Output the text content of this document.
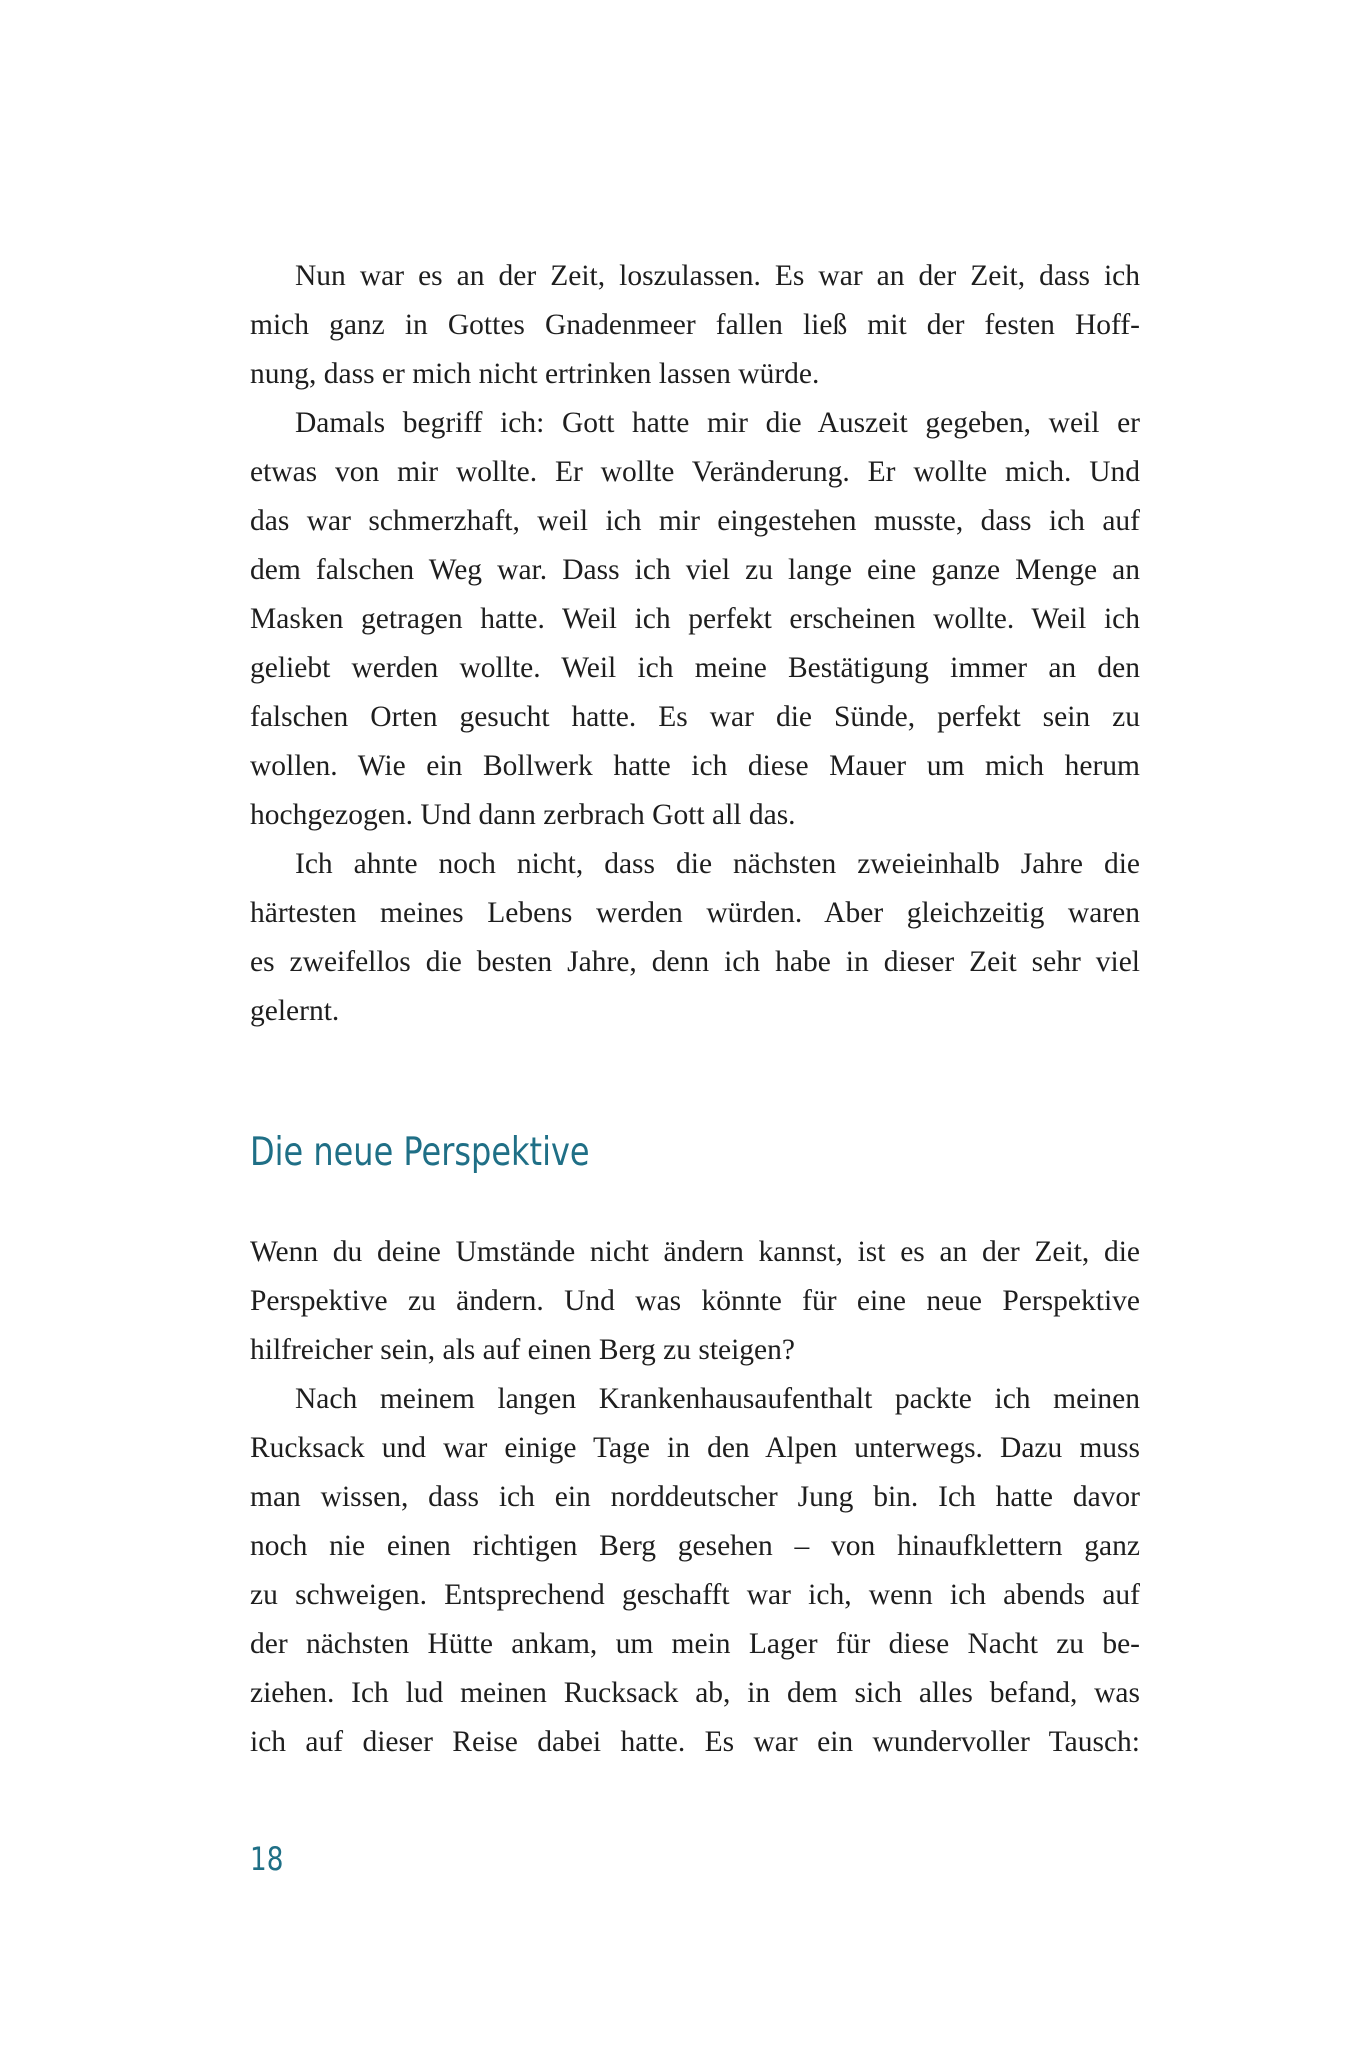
Nun war es an der Zeit, loszulassen. Es war an der Zeit, dass ich
mich ganz in Gottes Gnadenmeer fallen ließ mit der festen Hoff-
nung, dass er mich nicht ertrinken lassen würde.
Damals begriff ich: Gott hatte mir die Auszeit gegeben, weil er
etwas von mir wollte. Er wollte Veränderung. Er wollte mich. Und
das war schmerzhaft, weil ich mir eingestehen musste, dass ich auf
dem falschen Weg war. Dass ich viel zu lange eine ganze Menge an
Masken getragen hatte. Weil ich perfekt erscheinen wollte. Weil ich
geliebt werden wollte. Weil ich meine Bestätigung immer an den
falschen Orten gesucht hatte. Es war die Sünde, perfekt sein zu
wollen. Wie ein Bollwerk hatte ich diese Mauer um mich herum
hochgezogen. Und dann zerbrach Gott all das.
Ich ahnte noch nicht, dass die nächsten zweieinhalb Jahre die
härtesten meines Lebens werden würden. Aber gleichzeitig waren
es zweifellos die besten Jahre, denn ich habe in dieser Zeit sehr viel
gelernt.
Die neue Perspektive
Wenn du deine Umstände nicht ändern kannst, ist es an der Zeit, die
Perspektive zu ändern. Und was könnte für eine neue Perspektive
hilfreicher sein, als auf einen Berg zu steigen?
Nach meinem langen Krankenhausaufenthalt packte ich meinen
Rucksack und war einige Tage in den Alpen unterwegs. Dazu muss
man wissen, dass ich ein norddeutscher Jung bin. Ich hatte davor
noch nie einen richtigen Berg gesehen – von hinaufklettern ganz
zu schweigen. Entsprechend geschafft war ich, wenn ich abends auf
der nächsten Hütte ankam, um mein Lager für diese Nacht zu be-
ziehen. Ich lud meinen Rucksack ab, in dem sich alles befand, was
ich auf dieser Reise dabei hatte. Es war ein wundervoller Tausch:
18
